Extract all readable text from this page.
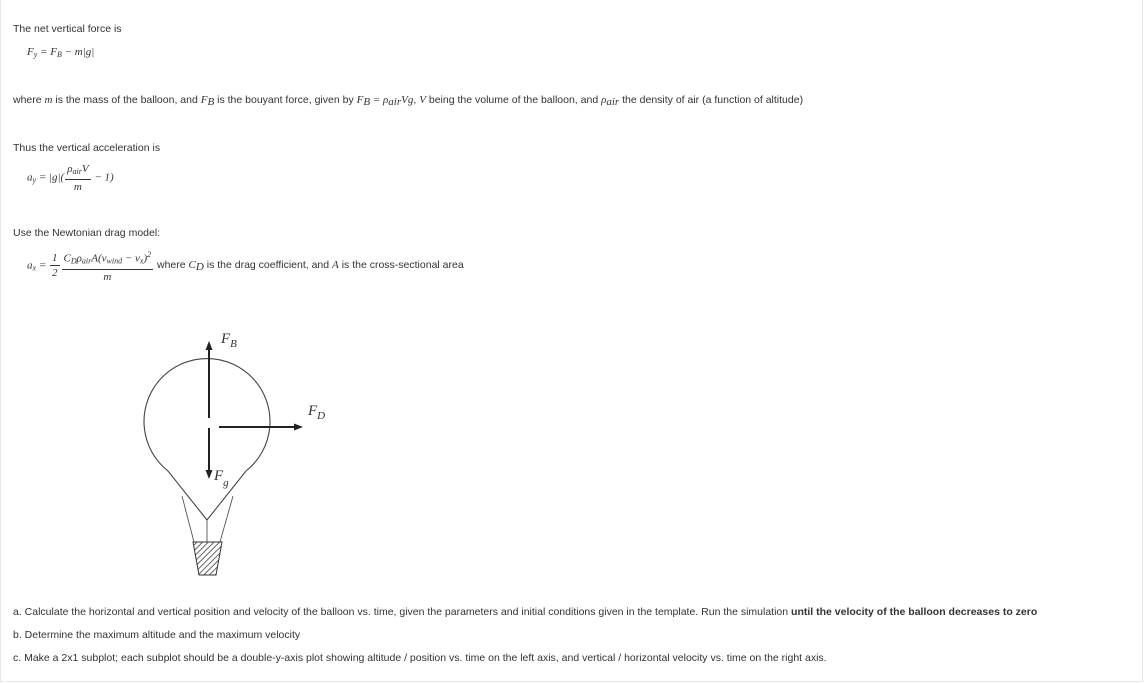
The net vertical force is
$F_y = F_B - m|g|$
where m is the mass of the balloon, and $F_B$ is the bouyant force, given by $F_B = \rho_{air}Vg$, V being the volume of the balloon, and $\rho_{air}$ the density of air (a function of altitude)
Thus the vertical acceleration is
$a_y = |g|( \frac{\rho_{air}V}{m} - 1)$
Use the Newtonian drag model:
$a_x = \frac{1}{2} \frac{C_D\rho_{air}A(v_{wind} - v_x)^2}{m}$ where $C_D$ is the drag coefficient, and A is the cross-sectional area
$F_B$
$F_D$
$F_g$
a. Calculate the horizontal and vertical position and velocity of the balloon vs. time, given the parameters and initial conditions given in the template. Run the simulation until the velocity of the balloon decreases to zero
b. Determine the maximum altitude and the maximum velocity
c. Make a 2x1 subplot; each subplot should be a double-y-axis plot showing altitude / position vs. time on the left axis, and vertical / horizontal velocity vs. time on the right axis.
